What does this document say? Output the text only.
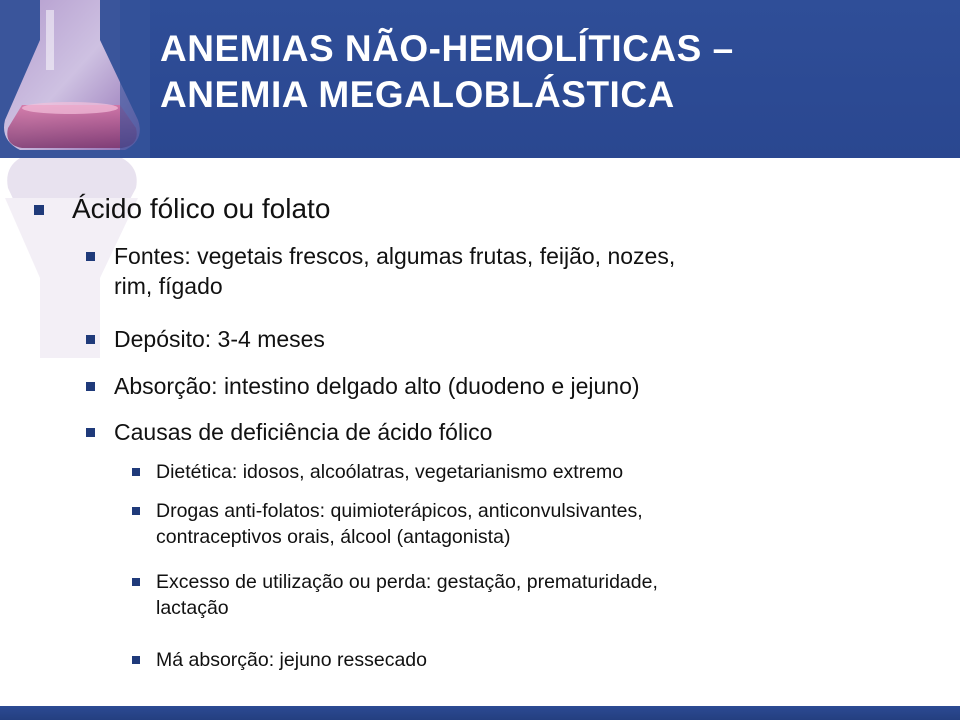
ANEMIAS NÃO-HEMOLÍTICAS –
ANEMIA MEGALOBLÁSTICA
Ácido fólico ou folato
Fontes: vegetais frescos, algumas frutas, feijão, nozes,
rim, fígado
Depósito: 3-4 meses
Absorção: intestino delgado alto (duodeno e jejuno)
Causas de deficiência de ácido fólico
Dietética: idosos, alcoólatras, vegetarianismo extremo
Drogas anti-folatos: quimioterápicos, anticonvulsivantes,
contraceptivos orais, álcool (antagonista)
Excesso de utilização ou perda: gestação, prematuridade,
lactação
Má absorção: jejuno ressecado
